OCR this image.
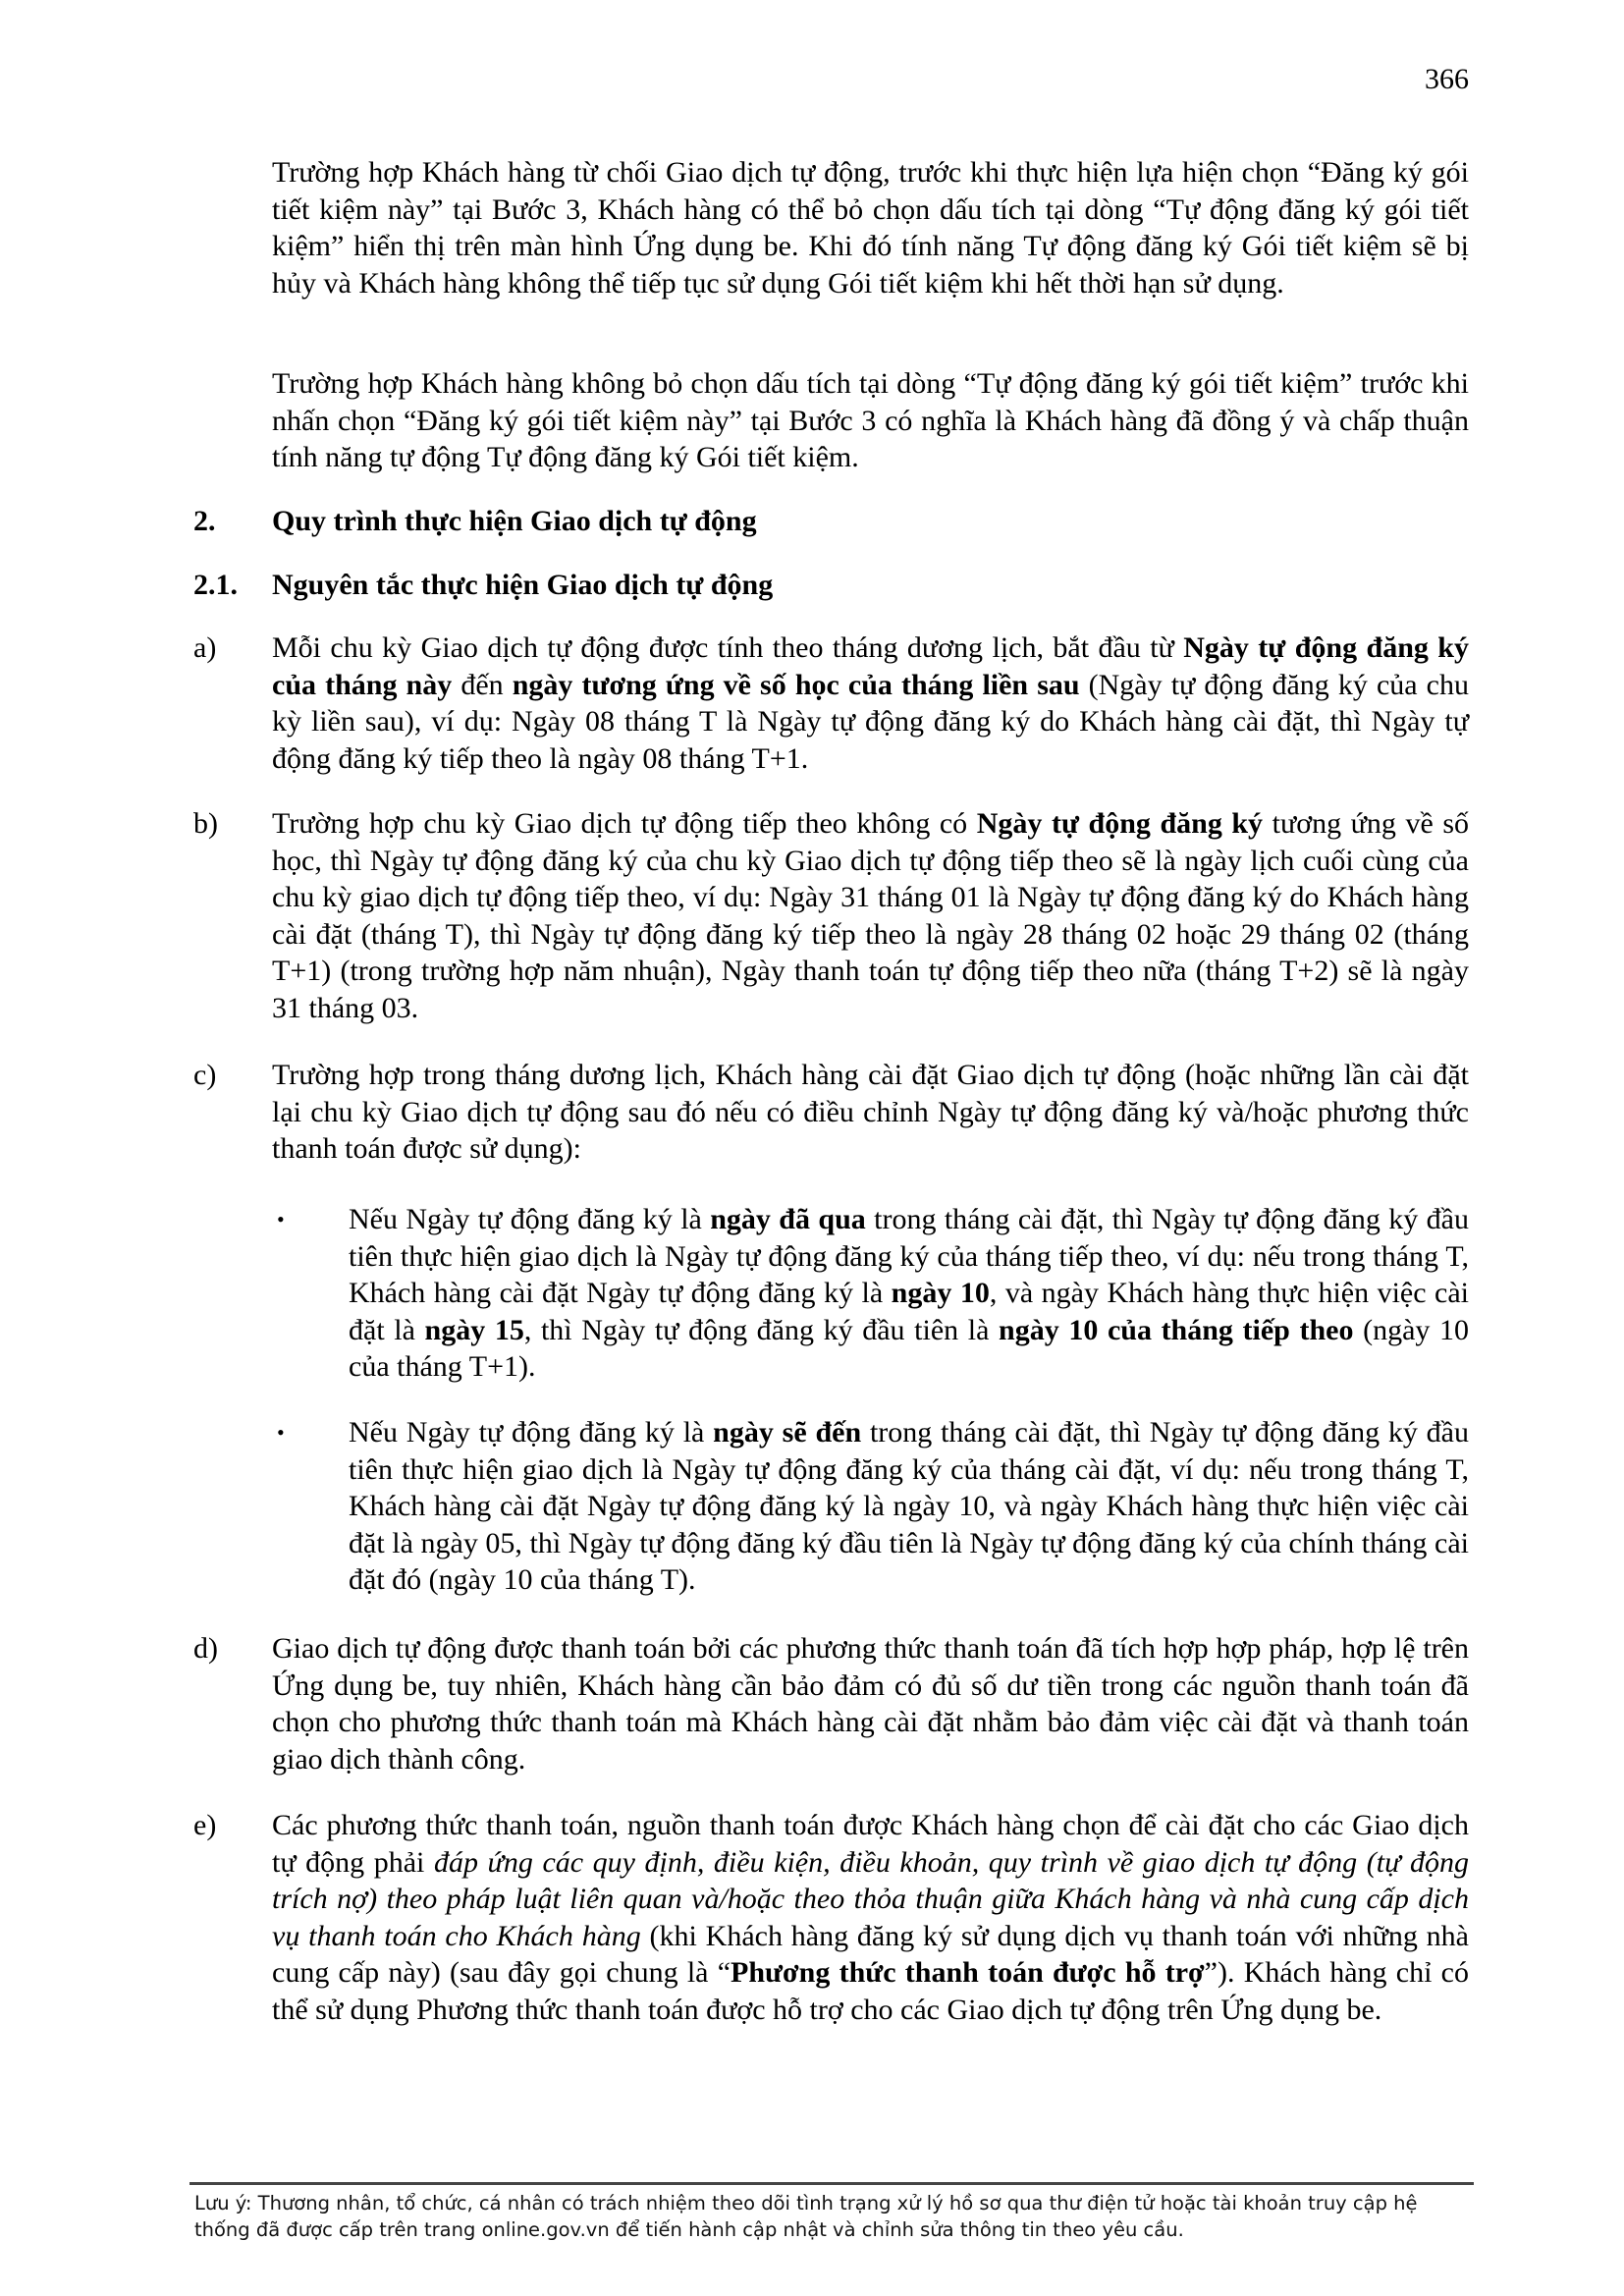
366

Trường hợp Khách hàng từ chối Giao dịch tự động, trước khi thực hiện lựa hiện chọn “Đăng ký gói tiết kiệm này” tại Bước 3, Khách hàng có thể bỏ chọn dấu tích tại dòng “Tự động đăng ký gói tiết kiệm” hiển thị trên màn hình Ứng dụng be. Khi đó tính năng Tự động đăng ký Gói tiết kiệm sẽ bị hủy và Khách hàng không thể tiếp tục sử dụng Gói tiết kiệm khi hết thời hạn sử dụng.

Trường hợp Khách hàng không bỏ chọn dấu tích tại dòng “Tự động đăng ký gói tiết kiệm” trước khi nhấn chọn “Đăng ký gói tiết kiệm này” tại Bước 3 có nghĩa là Khách hàng đã đồng ý và chấp thuận tính năng tự động Tự động đăng ký Gói tiết kiệm.

2. Quy trình thực hiện Giao dịch tự động

2.1. Nguyên tắc thực hiện Giao dịch tự động

a) Mỗi chu kỳ Giao dịch tự động được tính theo tháng dương lịch, bắt đầu từ Ngày tự động đăng ký của tháng này đến ngày tương ứng về số học của tháng liền sau (Ngày tự động đăng ký của chu kỳ liền sau), ví dụ: Ngày 08 tháng T là Ngày tự động đăng ký do Khách hàng cài đặt, thì Ngày tự động đăng ký tiếp theo là ngày 08 tháng T+1.

b) Trường hợp chu kỳ Giao dịch tự động tiếp theo không có Ngày tự động đăng ký tương ứng về số học, thì Ngày tự động đăng ký của chu kỳ Giao dịch tự động tiếp theo sẽ là ngày lịch cuối cùng của chu kỳ giao dịch tự động tiếp theo, ví dụ: Ngày 31 tháng 01 là Ngày tự động đăng ký do Khách hàng cài đặt (tháng T), thì Ngày tự động đăng ký tiếp theo là ngày 28 tháng 02 hoặc 29 tháng 02 (tháng T+1) (trong trường hợp năm nhuận), Ngày thanh toán tự động tiếp theo nữa (tháng T+2) sẽ là ngày 31 tháng 03.

c) Trường hợp trong tháng dương lịch, Khách hàng cài đặt Giao dịch tự động (hoặc những lần cài đặt lại chu kỳ Giao dịch tự động sau đó nếu có điều chỉnh Ngày tự động đăng ký và/hoặc phương thức thanh toán được sử dụng):

• Nếu Ngày tự động đăng ký là ngày đã qua trong tháng cài đặt, thì Ngày tự động đăng ký đầu tiên thực hiện giao dịch là Ngày tự động đăng ký của tháng tiếp theo, ví dụ: nếu trong tháng T, Khách hàng cài đặt Ngày tự động đăng ký là ngày 10, và ngày Khách hàng thực hiện việc cài đặt là ngày 15, thì Ngày tự động đăng ký đầu tiên là ngày 10 của tháng tiếp theo (ngày 10 của tháng T+1).

• Nếu Ngày tự động đăng ký là ngày sẽ đến trong tháng cài đặt, thì Ngày tự động đăng ký đầu tiên thực hiện giao dịch là Ngày tự động đăng ký của tháng cài đặt, ví dụ: nếu trong tháng T, Khách hàng cài đặt Ngày tự động đăng ký là ngày 10, và ngày Khách hàng thực hiện việc cài đặt là ngày 05, thì Ngày tự động đăng ký đầu tiên là Ngày tự động đăng ký của chính tháng cài đặt đó (ngày 10 của tháng T).

d) Giao dịch tự động được thanh toán bởi các phương thức thanh toán đã tích hợp hợp pháp, hợp lệ trên Ứng dụng be, tuy nhiên, Khách hàng cần bảo đảm có đủ số dư tiền trong các nguồn thanh toán đã chọn cho phương thức thanh toán mà Khách hàng cài đặt nhằm bảo đảm việc cài đặt và thanh toán giao dịch thành công.

e) Các phương thức thanh toán, nguồn thanh toán được Khách hàng chọn để cài đặt cho các Giao dịch tự động phải đáp ứng các quy định, điều kiện, điều khoản, quy trình về giao dịch tự động (tự động trích nợ) theo pháp luật liên quan và/hoặc theo thỏa thuận giữa Khách hàng và nhà cung cấp dịch vụ thanh toán cho Khách hàng (khi Khách hàng đăng ký sử dụng dịch vụ thanh toán với những nhà cung cấp này) (sau đây gọi chung là “Phương thức thanh toán được hỗ trợ”). Khách hàng chỉ có thể sử dụng Phương thức thanh toán được hỗ trợ cho các Giao dịch tự động trên Ứng dụng be.

Lưu ý: Thương nhân, tổ chức, cá nhân có trách nhiệm theo dõi tình trạng xử lý hồ sơ qua thư điện tử hoặc tài khoản truy cập hệ thống đã được cấp trên trang online.gov.vn để tiến hành cập nhật và chỉnh sửa thông tin theo yêu cầu.
